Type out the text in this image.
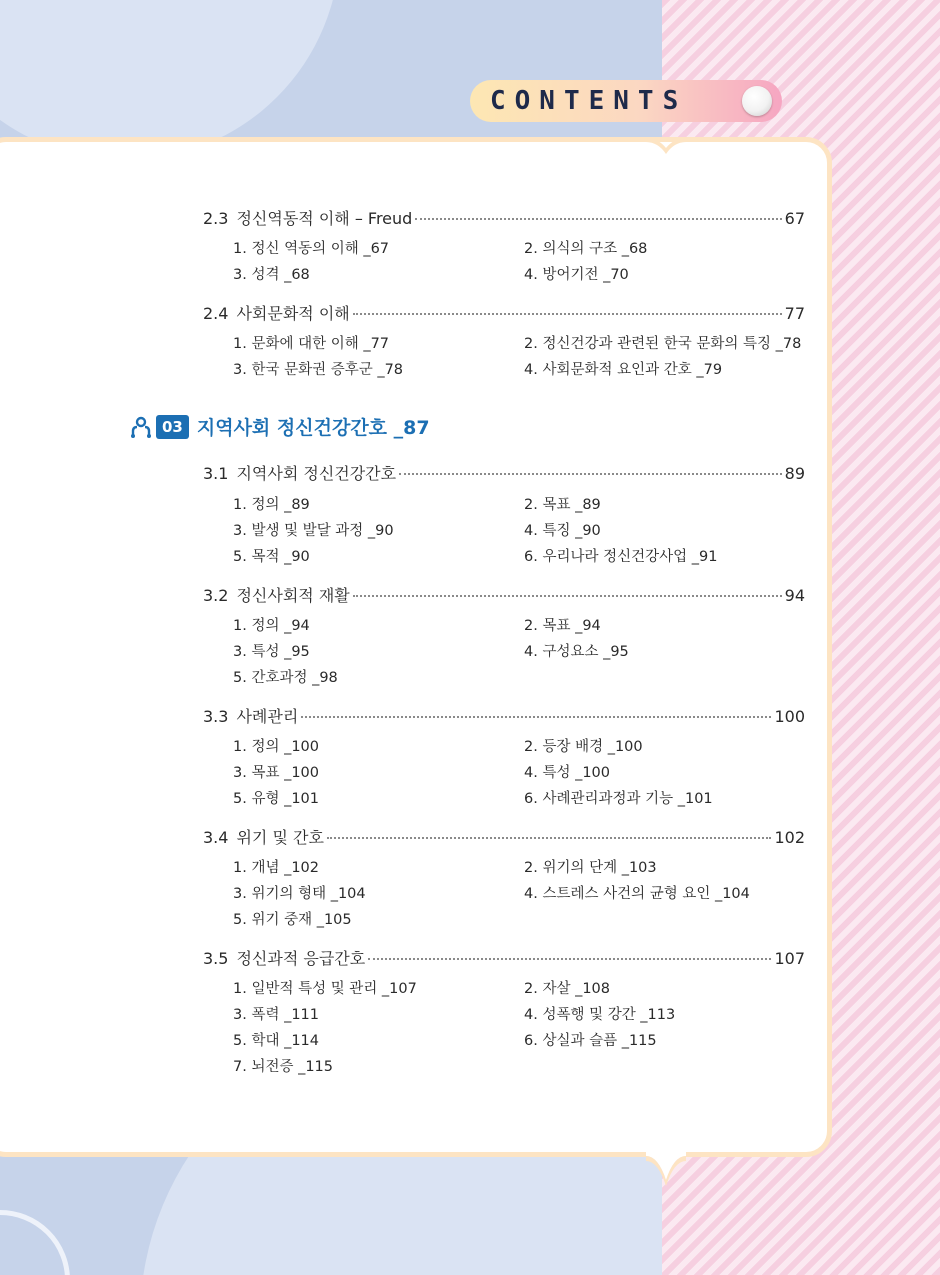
CONTENTS
2.3 정신역동적 이해 – Freud	67
1. 정신 역동의 이해 _67	2. 의식의 구조 _68
3. 성격 _68	4. 방어기전 _70
2.4 사회문화적 이해	77
1. 문화에 대한 이해 _77	2. 정신건강과 관련된 한국 문화의 특징 _78
3. 한국 문화권 증후군 _78	4. 사회문화적 요인과 간호 _79
03 지역사회 정신건강간호 _87
3.1 지역사회 정신건강간호	89
1. 정의 _89	2. 목표 _89
3. 발생 및 발달 과정 _90	4. 특징 _90
5. 목적 _90	6. 우리나라 정신건강사업 _91
3.2 정신사회적 재활	94
1. 정의 _94	2. 목표 _94
3. 특성 _95	4. 구성요소 _95
5. 간호과정 _98
3.3 사례관리	100
1. 정의 _100	2. 등장 배경 _100
3. 목표 _100	4. 특성 _100
5. 유형 _101	6. 사례관리과정과 기능 _101
3.4 위기 및 간호	102
1. 개념 _102	2. 위기의 단계 _103
3. 위기의 형태 _104	4. 스트레스 사건의 균형 요인 _104
5. 위기 중재 _105
3.5 정신과적 응급간호	107
1. 일반적 특성 및 관리 _107	2. 자살 _108
3. 폭력 _111	4. 성폭행 및 강간 _113
5. 학대 _114	6. 상실과 슬픔 _115
7. 뇌전증 _115
